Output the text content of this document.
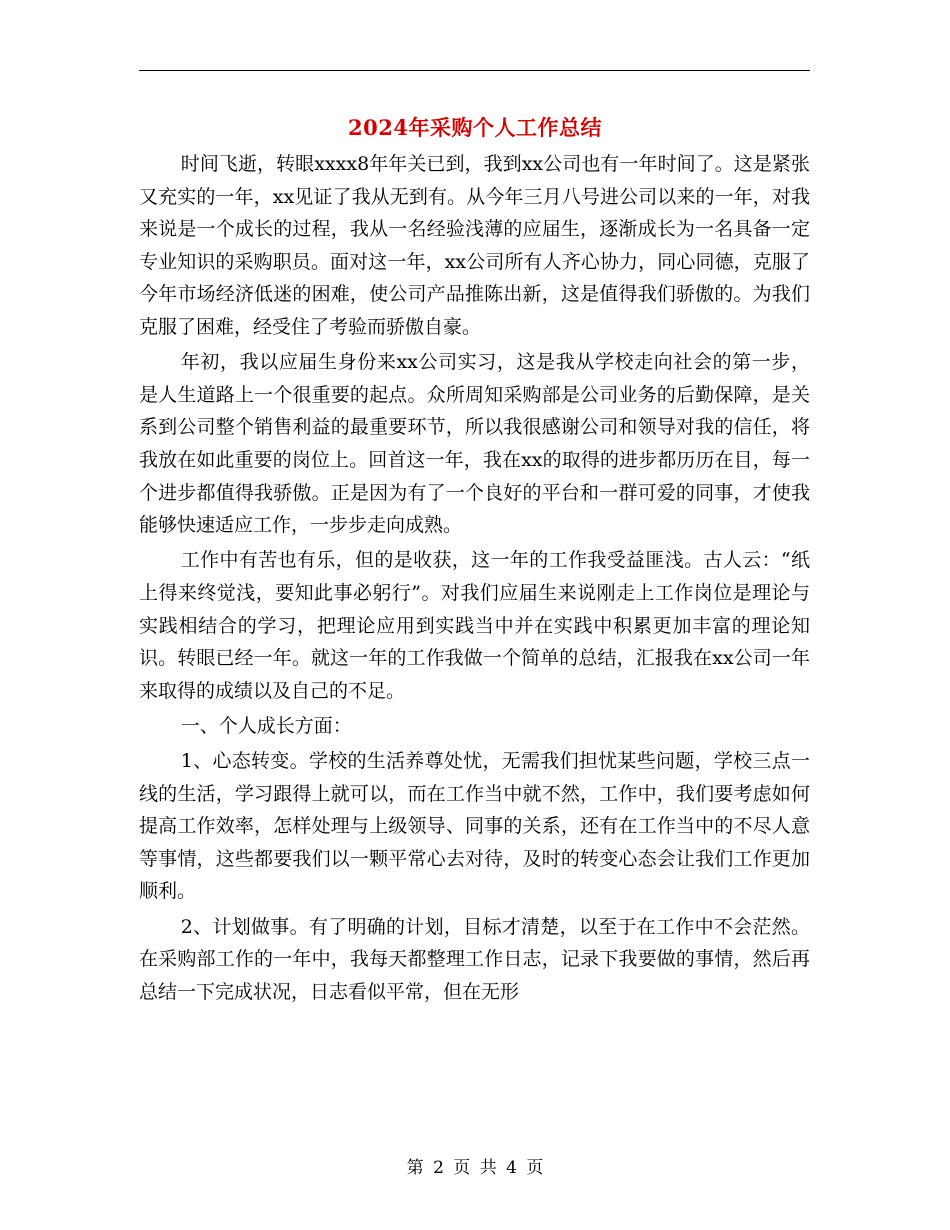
2024年采购个人工作总结

时间飞逝，转眼xxxx8年年关已到，我到xx公司也有一年时间了。这是紧张又充实的一年，xx见证了我从无到有。从今年三月八号进公司以来的一年，对我来说是一个成长的过程，我从一名经验浅薄的应届生，逐渐成长为一名具备一定专业知识的采购职员。面对这一年，xx公司所有人齐心协力，同心同德，克服了今年市场经济低迷的困难，使公司产品推陈出新，这是值得我们骄傲的。为我们克服了困难，经受住了考验而骄傲自豪。

年初，我以应届生身份来xx公司实习，这是我从学校走向社会的第一步，是人生道路上一个很重要的起点。众所周知采购部是公司业务的后勤保障，是关系到公司整个销售利益的最重要环节，所以我很感谢公司和领导对我的信任，将我放在如此重要的岗位上。回首这一年，我在xx的取得的进步都历历在目，每一个进步都值得我骄傲。正是因为有了一个良好的平台和一群可爱的同事，才使我能够快速适应工作，一步步走向成熟。

工作中有苦也有乐，但的是收获，这一年的工作我受益匪浅。古人云：“纸上得来终觉浅，要知此事必躬行”。对我们应届生来说刚走上工作岗位是理论与实践相结合的学习，把理论应用到实践当中并在实践中积累更加丰富的理论知识。转眼已经一年。就这一年的工作我做一个简单的总结，汇报我在xx公司一年来取得的成绩以及自己的不足。

一、个人成长方面：

1、心态转变。学校的生活养尊处忧，无需我们担忧某些问题，学校三点一线的生活，学习跟得上就可以，而在工作当中就不然，工作中，我们要考虑如何提高工作效率，怎样处理与上级领导、同事的关系，还有在工作当中的不尽人意等事情，这些都要我们以一颗平常心去对待，及时的转变心态会让我们工作更加顺利。

2、计划做事。有了明确的计划，目标才清楚，以至于在工作中不会茫然。在采购部工作的一年中，我每天都整理工作日志，记录下我要做的事情，然后再总结一下完成状况，日志看似平常，但在无形

第 2 页 共 4 页
